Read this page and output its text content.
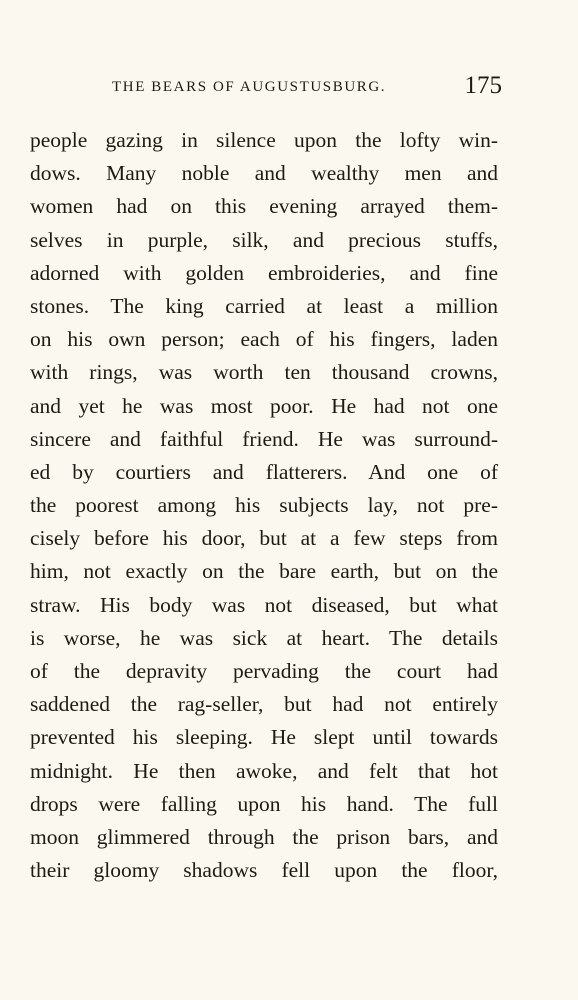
THE BEARS OF AUGUSTUSBURG.	175
people gazing in silence upon the lofty win-
dows. Many noble and wealthy men and
women had on this evening arrayed them-
selves in purple, silk, and precious stuffs,
adorned with golden embroideries, and fine
stones. The king carried at least a million
on his own person; each of his fingers, laden
with rings, was worth ten thousand crowns,
and yet he was most poor. He had not one
sincere and faithful friend. He was surround-
ed by courtiers and flatterers. And one of
the poorest among his subjects lay, not pre-
cisely before his door, but at a few steps from
him, not exactly on the bare earth, but on the
straw. His body was not diseased, but what
is worse, he was sick at heart. The details
of the depravity pervading the court had
saddened the rag-seller, but had not entirely
prevented his sleeping. He slept until towards
midnight. He then awoke, and felt that hot
drops were falling upon his hand. The full
moon glimmered through the prison bars, and
their gloomy shadows fell upon the floor,
